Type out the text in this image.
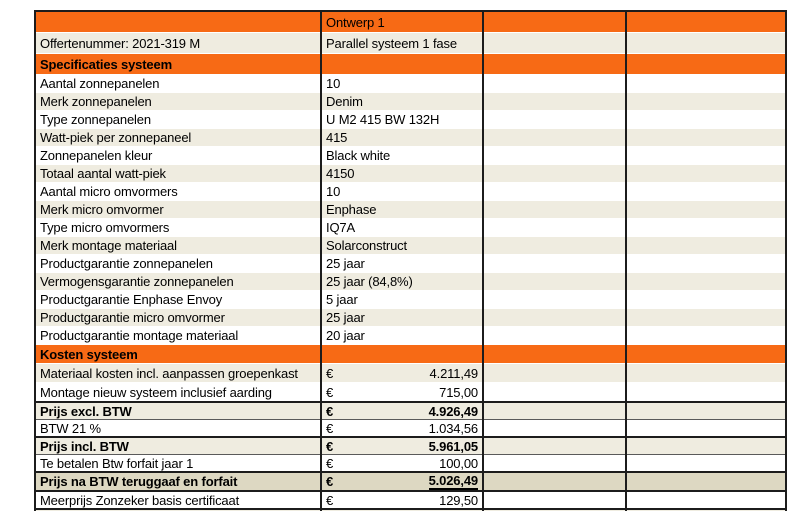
	Ontwerp 1		
Offertenummer: 2021-319 M	Parallel systeem 1 fase		
Specificaties systeem			
Aantal zonnepanelen	10		
Merk zonnepanelen	Denim		
Type zonnepanelen	U M2 415 BW 132H		
Watt-piek per zonnepaneel	415		
Zonnepanelen kleur	Black white		
Totaal aantal watt-piek	4150		
Aantal micro omvormers	10		
Merk micro omvormer	Enphase		
Type micro omvormers	IQ7A		
Merk montage materiaal	Solarconstruct		
Productgarantie zonnepanelen	25 jaar		
Vermogensgarantie zonnepanelen	25 jaar (84,8%)		
Productgarantie Enphase Envoy	5 jaar		
Productgarantie micro omvormer	25 jaar		
Productgarantie montage materiaal	20 jaar		
Kosten systeem			
Materiaal kosten incl. aanpassen groepenkast	€ 4.211,49		

Montage nieuw systeem inclusief aarding	€ 715,00		

Prijs excl. BTW	€ 4.926,49		

BTW 21 %	€ 1.034,56		

Prijs incl. BTW	€ 5.961,05		

Te betalen Btw forfait jaar 1	€ 100,00		

Prijs na BTW teruggaaf en forfait	€ 5.026,49		

Meerprijs Zonzeker basis certificaat	€ 129,50		
